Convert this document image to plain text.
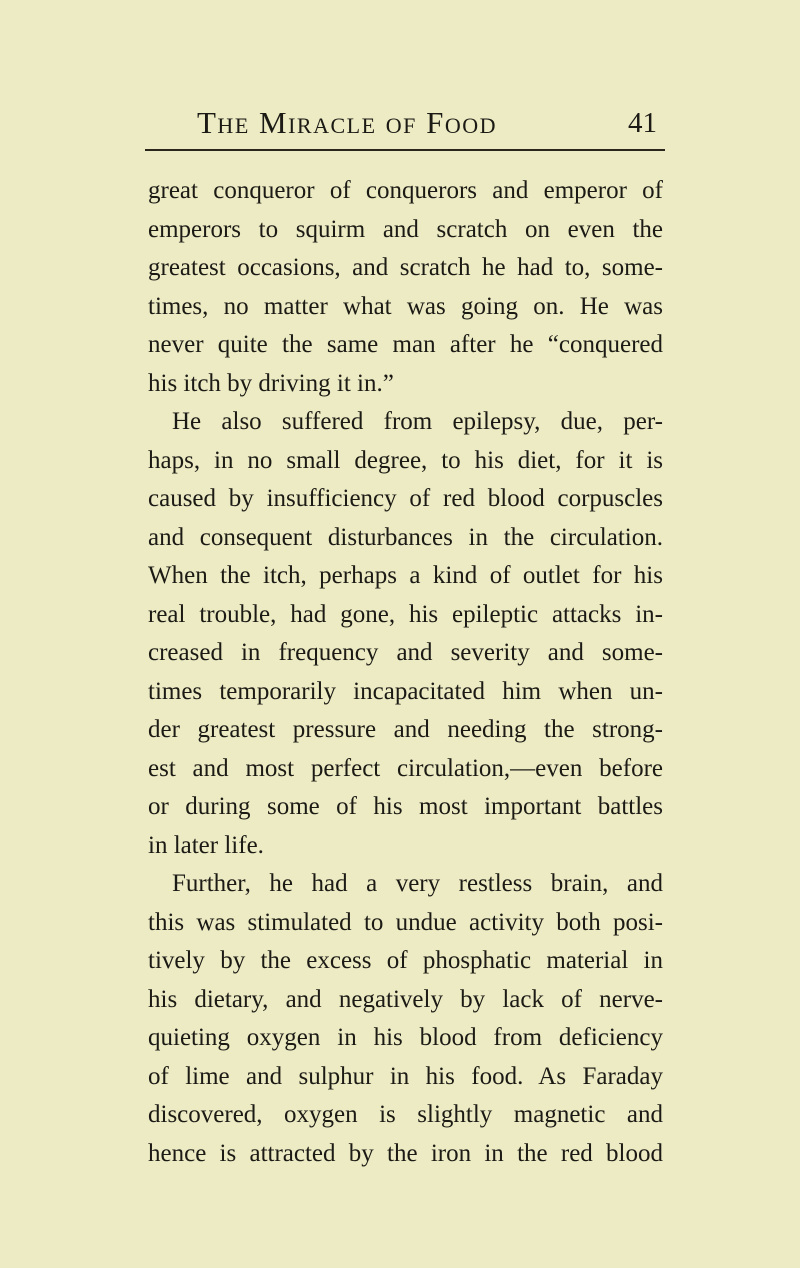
The Miracle of Food	41
great conqueror of conquerors and emperor of
emperors to squirm and scratch on even the
greatest occasions, and scratch he had to, some-
times, no matter what was going on. He was
never quite the same man after he “conquered
his itch by driving it in.”
He also suffered from epilepsy, due, per-
haps, in no small degree, to his diet, for it is
caused by insufficiency of red blood corpuscles
and consequent disturbances in the circulation.
When the itch, perhaps a kind of outlet for his
real trouble, had gone, his epileptic attacks in-
creased in frequency and severity and some-
times temporarily incapacitated him when un-
der greatest pressure and needing the strong-
est and most perfect circulation,—even before
or during some of his most important battles
in later life.
Further, he had a very restless brain, and
this was stimulated to undue activity both posi-
tively by the excess of phosphatic material in
his dietary, and negatively by lack of nerve-
quieting oxygen in his blood from deficiency
of lime and sulphur in his food. As Faraday
discovered, oxygen is slightly magnetic and
hence is attracted by the iron in the red blood
